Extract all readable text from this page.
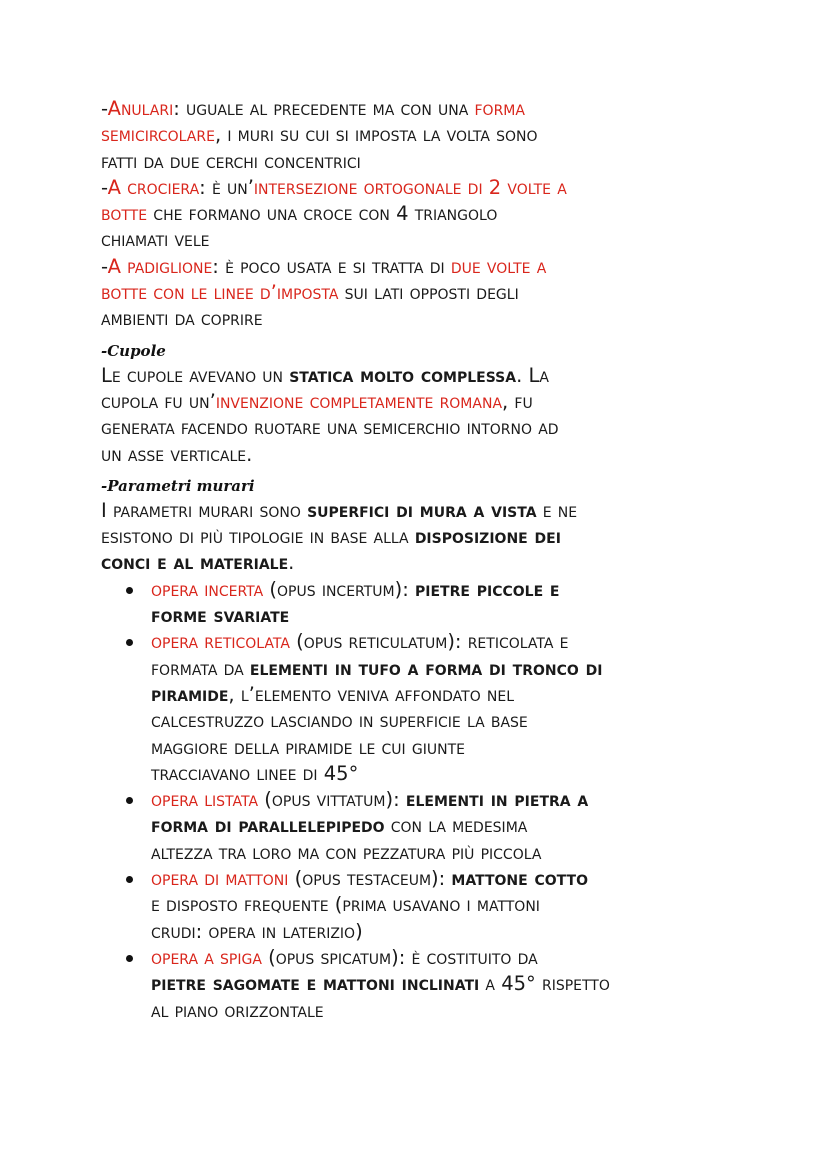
-Anulari: uguale al precedente ma con una forma
semicircolare, i muri su cui si imposta la volta sono
fatti da due cerchi concentrici
-A crociera: è un’intersezione ortogonale di 2 volte a
botte che formano una croce con 4 triangolo
chiamati vele
-A padiglione: è poco usata e si tratta di due volte a
botte con le linee d’imposta sui lati opposti degli
ambienti da coprire
-Cupole
Le cupole avevano un statica molto complessa. La
cupola fu un’invenzione completamente romana, fu
generata facendo ruotare una semicerchio intorno ad
un asse verticale.
-Parametri murari
I parametri murari sono superfici di mura a vista e ne
esistono di più tipologie in base alla disposizione dei
conci e al materiale.
opera incerta (opus incertum): pietre piccole e
forme svariate
opera reticolata (opus reticulatum): reticolata e
formata da elementi in tufo a forma di tronco di
piramide, l’elemento veniva affondato nel
calcestruzzo lasciando in superficie la base
maggiore della piramide le cui giunte
tracciavano linee di 45°
opera listata (opus vittatum): elementi in pietra a
forma di parallelepipedo con la medesima
altezza tra loro ma con pezzatura più piccola
opera di mattoni (opus testaceum): mattone cotto
e disposto frequente (prima usavano i mattoni
crudi: opera in laterizio)
opera a spiga (opus spicatum): è costituito da
pietre sagomate e mattoni inclinati a 45° rispetto
al piano orizzontale
